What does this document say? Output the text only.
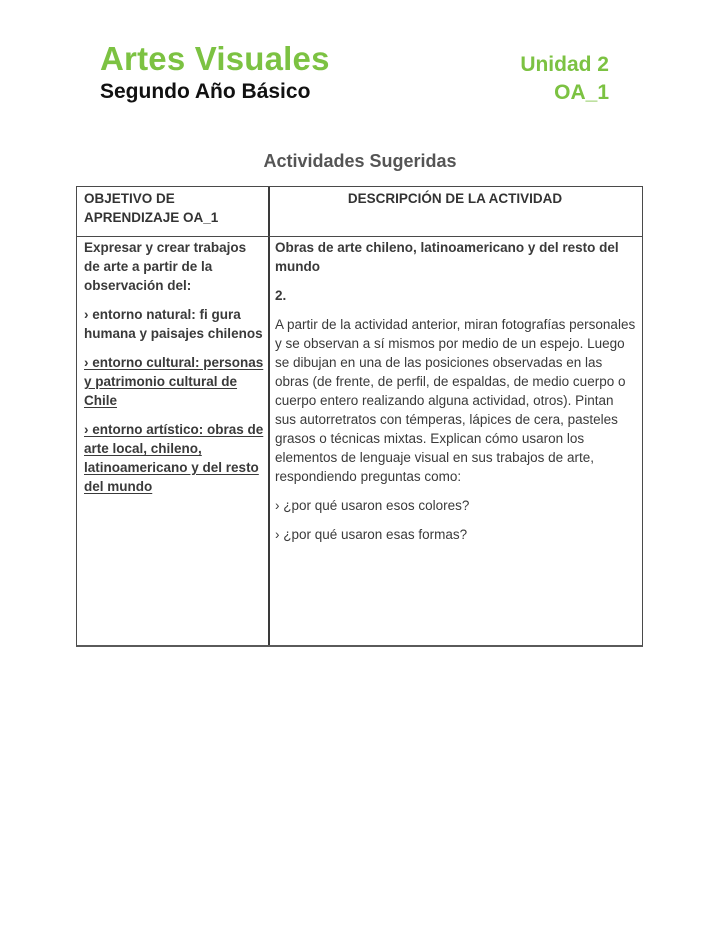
Artes Visuales
Segundo Año Básico
Unidad 2
OA_1
Actividades Sugeridas
OBJETIVO DE APRENDIZAJE OA_1
DESCRIPCIÓN DE LA ACTIVIDAD

Expresar y crear trabajos de arte a partir de la observación del:

› entorno natural: fi gura humana y paisajes chilenos

› entorno cultural: personas y patrimonio cultural de Chile

› entorno artístico: obras de arte local, chileno, latinoamericano y del resto del mundo

Obras de arte chileno, latinoamericano y del resto del mundo

2.

A partir de la actividad anterior, miran fotografías personales y se observan a sí mismos por medio de un espejo. Luego se dibujan en una de las posiciones observadas en las obras (de frente, de perfil, de espaldas, de medio cuerpo o cuerpo entero realizando alguna actividad, otros). Pintan sus autorretratos con témperas, lápices de cera, pasteles grasos o técnicas mixtas. Explican cómo usaron los elementos de lenguaje visual en sus trabajos de arte, respondiendo preguntas como:

› ¿por qué usaron esos colores?

› ¿por qué usaron esas formas?
